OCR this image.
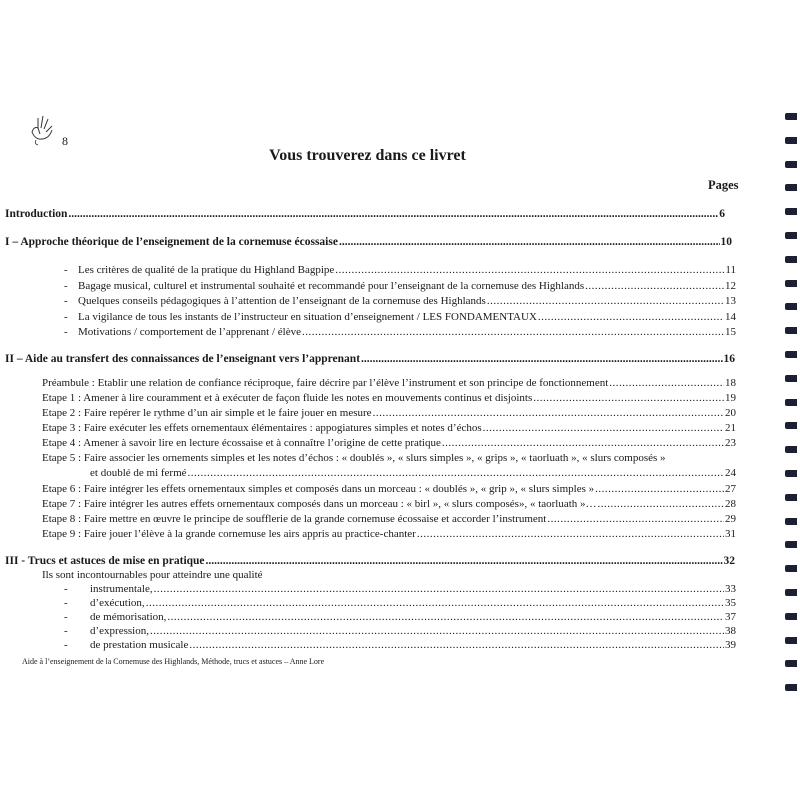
8
Vous trouverez dans ce livret
Pages
Introduction .....	6
I – Approche théorique de l’enseignement de la cornemuse écossaise .....	10
- Les critères de qualité de la pratique du Highland Bagpipe .....	11
- Bagage musical, culturel et instrumental souhaité et recommandé pour l’enseignant de la cornemuse des Highlands .....	12
- Quelques conseils pédagogiques à l’attention de l’enseignant de la cornemuse des Highlands .....	13
- La vigilance de tous les instants de l’instructeur en situation d’enseignement / LES FONDAMENTAUX .....	14
- Motivations / comportement de l’apprenant / élève .....	15
II – Aide au transfert des connaissances de l’enseignant vers l’apprenant .....	16
Préambule : Etablir une relation de confiance réciproque, faire décrire par l’élève l’instrument et son principe de fonctionnement .....	18
Etape 1 : Amener à lire couramment et à exécuter de façon fluide les notes en mouvements continus et disjoints .....	19
Etape 2 : Faire repérer le rythme d’un air simple et le faire jouer en mesure .....	20
Etape 3 : Faire exécuter les effets ornementaux élémentaires : appogiatures simples et notes d’échos .....	21
Etape 4 : Amener à savoir lire en lecture écossaise et à connaître l’origine de cette pratique .....	23
Etape 5 : Faire associer les ornements simples et les notes d’échos : « doublés », « slurs simples », « grips », « taorluath », « slurs composés »
et doublé de mi fermé .....	24
Etape 6 : Faire intégrer les effets ornementaux simples et composés dans un morceau : « doublés », « grip », « slurs simples » .....	27
Etape 7 : Faire intégrer les autres effets ornementaux composés dans un morceau : « birl », « slurs composés», « taorluath »… .....	28
Etape 8 : Faire mettre en œuvre le principe de soufflerie de la grande cornemuse écossaise et accorder l’instrument .....	29
Etape 9 : Faire jouer l’élève à la grande cornemuse les airs appris au practice-chanter .....	31
III - Trucs et astuces de mise en pratique .....	32
Ils sont incontournables pour atteindre une qualité
- instrumentale, .....	33
- d’exécution, .....	35
- de mémorisation, .....	37
- d’expression, .....	38
- de prestation musicale .....	39
Aide à l’enseignement de la Cornemuse des Highlands, Méthode, trucs et astuces – Anne Lore
